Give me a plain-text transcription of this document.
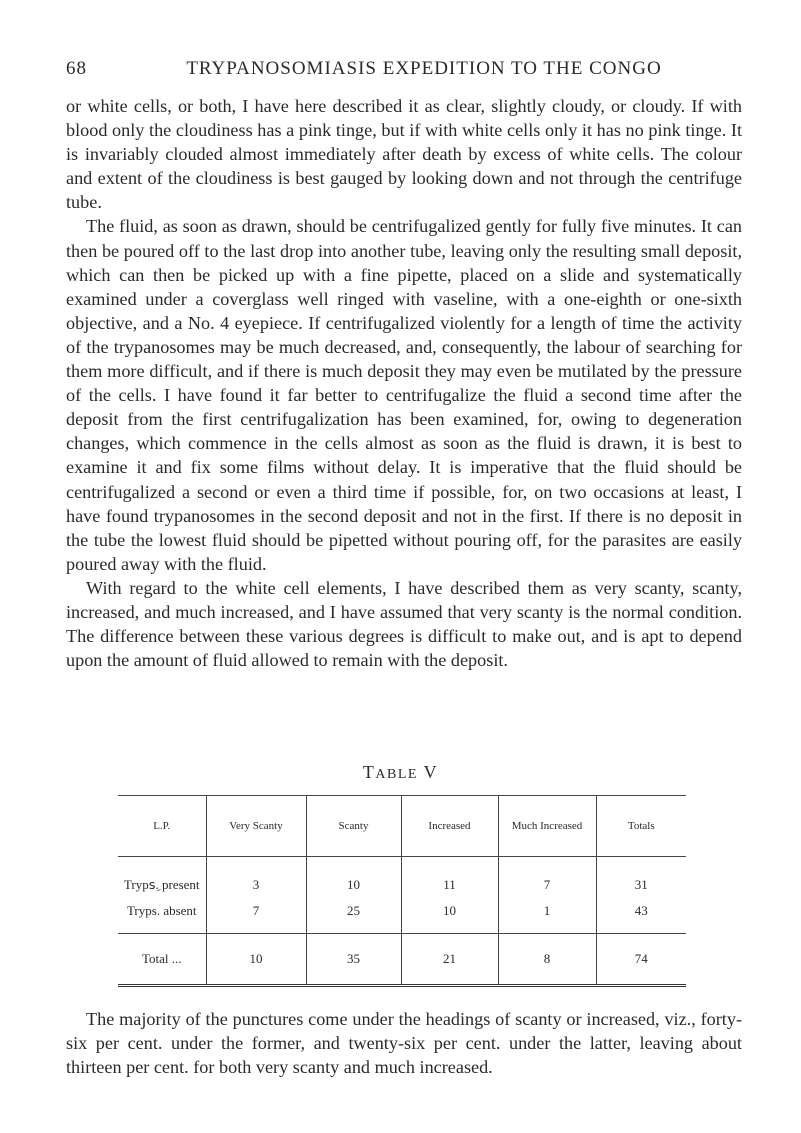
68	TRYPANOSOMIASIS EXPEDITION TO THE CONGO

or white cells, or both, I have here described it as clear, slightly cloudy, or cloudy. If with blood only the cloudiness has a pink tinge, but if with white cells only it has no pink tinge. It is invariably clouded almost immediately after death by excess of white cells. The colour and extent of the cloudiness is best gauged by looking down and not through the centrifuge tube.

The fluid, as soon as drawn, should be centrifugalized gently for fully five minutes. It can then be poured off to the last drop into another tube, leaving only the resulting small deposit, which can then be picked up with a fine pipette, placed on a slide and systematically examined under a coverglass well ringed with vaseline, with a one-eighth or one-sixth objective, and a No. 4 eyepiece. If centrifugalized violently for a length of time the activity of the trypanosomes may be much decreased, and, consequently, the labour of searching for them more difficult, and if there is much deposit they may even be mutilated by the pressure of the cells. I have found it far better to centrifugalize the fluid a second time after the deposit from the first centrifugalization has been examined, for, owing to degeneration changes, which commence in the cells almost as soon as the fluid is drawn, it is best to examine it and fix some films without delay. It is imperative that the fluid should be centrifugalized a second or even a third time if possible, for, on two occasions at least, I have found trypanosomes in the second deposit and not in the first. If there is no deposit in the tube the lowest fluid should be pipetted without pouring off, for the parasites are easily poured away with the fluid.

With regard to the white cell elements, I have described them as very scanty, scanty, increased, and much increased, and I have assumed that very scanty is the normal condition. The difference between these various degrees is difficult to make out, and is apt to depend upon the amount of fluid allowed to remain with the deposit.

TABLE V
L.P.	Very Scanty	Scanty	Increased	Much Increased	Totals
Trypsِ. present	3	10	11	7	31
Tryps. absent	7	25	10	1	43
Total ...	10	35	21	8	74

The majority of the punctures come under the headings of scanty or increased, viz., forty-six per cent. under the former, and twenty-six per cent. under the latter, leaving about thirteen per cent. for both very scanty and much increased.
